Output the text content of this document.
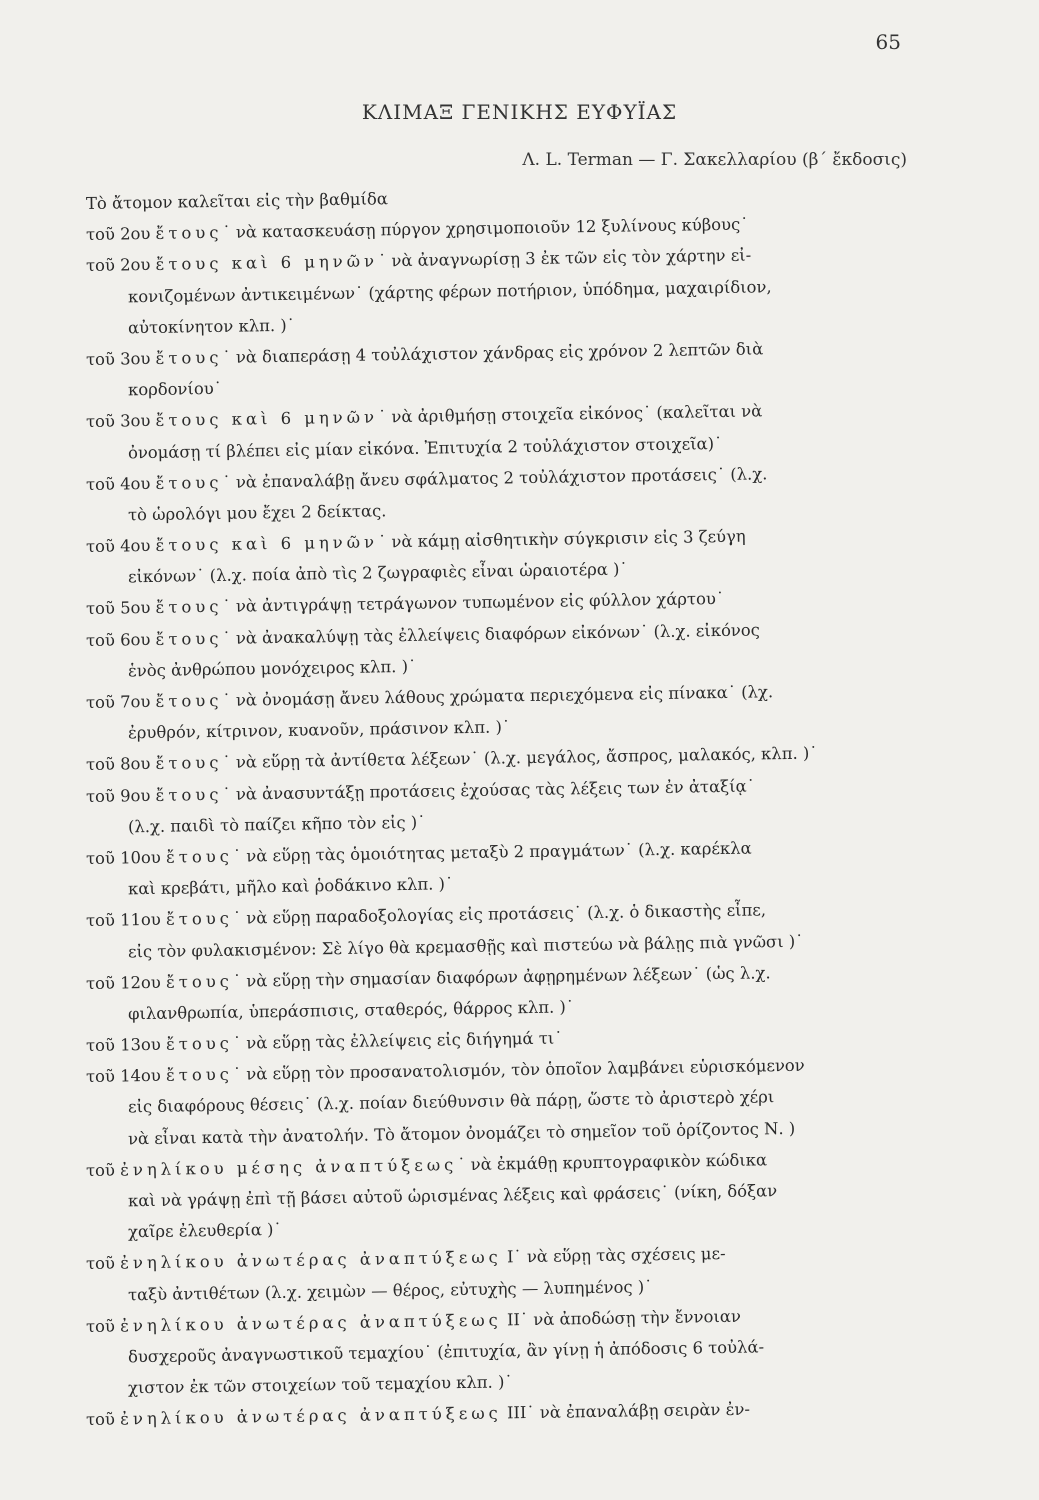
65
ΚΛΙΜΑΞ ΓΕΝΙΚΗΣ ΕΥΦΥΪΑΣ
Λ. L. Terman — Γ. Σακελλαρίου (β΄ ἔκδοσις)
Τὸ ἄτομον καλεῖται εἰς τὴν βαθμίδα
τοῦ 2ου ἔτους˙ νὰ κατασκευάσῃ πύργον χρησιμοποιοῦν 12 ξυλίνους κύβους˙
τοῦ 2ου ἔτους καὶ 6 μηνῶν˙ νὰ ἀναγνωρίσῃ 3 ἐκ τῶν εἰς τὸν χάρτην εἰ-
κονιζομένων ἀντικειμένων˙ (χάρτης φέρων ποτήριον, ὑπόδημα, μαχαιρίδιον,
αὐτοκίνητον κλπ. )˙
τοῦ 3ου ἔτους˙ νὰ διαπεράσῃ 4 τοὐλάχιστον χάνδρας εἰς χρόνον 2 λεπτῶν διὰ
κορδονίου˙
τοῦ 3ου ἔτους καὶ 6 μηνῶν˙ νὰ ἀριθμήσῃ στοιχεῖα εἰκόνος˙ (καλεῖται νὰ
ὀνομάσῃ τί βλέπει εἰς μίαν εἰκόνα. Ἐπιτυχία 2 τοὐλάχιστον στοιχεῖα)˙
τοῦ 4ου ἔτους˙ νὰ ἐπαναλάβῃ ἄνευ σφάλματος 2 τοὐλάχιστον προτάσεις˙ (λ.χ.
τὸ ὡρολόγι μου ἔχει 2 δείκτας.
τοῦ 4ου ἔτους καὶ 6 μηνῶν˙ νὰ κάμῃ αἰσθητικὴν σύγκρισιν εἰς 3 ζεύγη
εἰκόνων˙ (λ.χ. ποία ἀπὸ τὶς 2 ζωγραφιὲς εἶναι ὡραιοτέρα )˙
τοῦ 5ου ἔτους˙ νὰ ἀντιγράψῃ τετράγωνον τυπωμένον εἰς φύλλον χάρτου˙
τοῦ 6ου ἔτους˙ νὰ ἀνακαλύψῃ τὰς ἐλλείψεις διαφόρων εἰκόνων˙ (λ.χ. εἰκόνος
ἑνὸς ἀνθρώπου μονόχειρος κλπ. )˙
τοῦ 7ου ἔτους˙ νὰ ὀνομάσῃ ἄνευ λάθους χρώματα περιεχόμενα εἰς πίνακα˙ (λχ.
ἐρυθρόν, κίτρινον, κυανοῦν, πράσινον κλπ. )˙
τοῦ 8ου ἔτους˙ νὰ εὕρῃ τὰ ἀντίθετα λέξεων˙ (λ.χ. μεγάλος, ἄσπρος, μαλακός, κλπ. )˙
τοῦ 9ου ἔτους˙ νὰ ἀνασυντάξῃ προτάσεις ἐχούσας τὰς λέξεις των ἐν ἀταξίᾳ˙
(λ.χ. παιδὶ τὸ παίζει κῆπο τὸν εἰς )˙
τοῦ 10ου ἔτους˙ νὰ εὕρῃ τὰς ὁμοιότητας μεταξὺ 2 πραγμάτων˙ (λ.χ. καρέκλα
καὶ κρεβάτι, μῆλο καὶ ῥοδάκινο κλπ. )˙
τοῦ 11ου ἔτους˙ νὰ εὕρῃ παραδοξολογίας εἰς προτάσεις˙ (λ.χ. ὁ δικαστὴς εἶπε,
εἰς τὸν φυλακισμένον: Σὲ λίγο θὰ κρεμασθῇς καὶ πιστεύω νὰ βάλῃς πιὰ γνῶσι )˙
τοῦ 12ου ἔτους˙ νὰ εὕρῃ τὴν σημασίαν διαφόρων ἀφῃρημένων λέξεων˙ (ὡς λ.χ.
φιλανθρωπία, ὑπεράσπισις, σταθερός, θάρρος κλπ. )˙
τοῦ 13ου ἔτους˙ νὰ εὕρῃ τὰς ἐλλείψεις εἰς διήγημά τι˙
τοῦ 14ου ἔτους˙ νὰ εὕρῃ τὸν προσανατολισμόν, τὸν ὁποῖον λαμβάνει εὑρισκόμενον
εἰς διαφόρους θέσεις˙ (λ.χ. ποίαν διεύθυνσιν θὰ πάρῃ, ὥστε τὸ ἀριστερὸ χέρι
νὰ εἶναι κατὰ τὴν ἀνατολήν. Τὸ ἄτομον ὀνομάζει τὸ σημεῖον τοῦ ὁρίζοντος Ν. )
τοῦ ἐνηλίκου μέσης ἀναπτύξεως˙ νὰ ἐκμάθῃ κρυπτογραφικὸν κώδικα
καὶ νὰ γράψῃ ἐπὶ τῇ βάσει αὐτοῦ ὡρισμένας λέξεις καὶ φράσεις˙ (νίκη, δόξαν
χαῖρε ἐλευθερία )˙
τοῦ ἐνηλίκου ἀνωτέρας ἀναπτύξεως I˙ νὰ εὕρῃ τὰς σχέσεις με-
ταξὺ ἀντιθέτων (λ.χ. χειμὼν — θέρος, εὐτυχὴς — λυπημένος )˙
τοῦ ἐνηλίκου ἀνωτέρας ἀναπτύξεως II˙ νὰ ἀποδώσῃ τὴν ἔννοιαν
δυσχεροῦς ἀναγνωστικοῦ τεμαχίου˙ (ἐπιτυχία, ἂν γίνῃ ἡ ἀπόδοσις 6 τοὐλά-
χιστον ἐκ τῶν στοιχείων τοῦ τεμαχίου κλπ. )˙
τοῦ ἐνηλίκου ἀνωτέρας ἀναπτύξεως III˙ νὰ ἐπαναλάβῃ σειρὰν ἐν-
